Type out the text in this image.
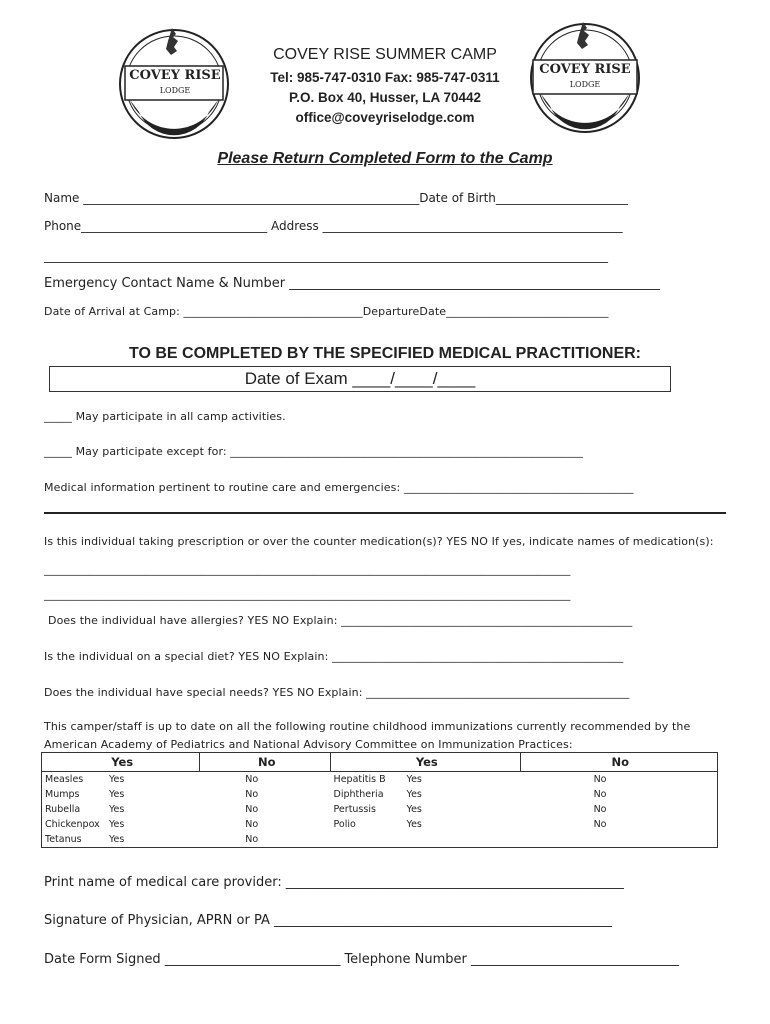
COVEY RISE
LODGE
COVEY RISE
LODGE
COVEY RISE SUMMER CAMP
Tel: 985-747-0310 Fax: 985-747-0311
P.O. Box 40, Husser, LA 70442
office@coveyriselodge.com
Please Return Completed Form to the Camp
Name ________________________________________________________Date of Birth______________________
Phone_______________________________ Address __________________________________________________
______________________________________________________________________________________________
Emergency Contact Name & Number _________________________________________________________
Date of Arrival at Camp: ________________________________DepartureDate_____________________________
TO BE COMPLETED BY THE SPECIFIED MEDICAL PRACTITIONER:
Date of Exam ____/____/____
_____ May participate in all camp activities.
_____ May participate except for: _______________________________________________________________
Medical information pertinent to routine care and emergencies: _________________________________________
Is this individual taking prescription or over the counter medication(s)? YES NO If yes, indicate names of medication(s):
______________________________________________________________________________________________
______________________________________________________________________________________________
Does the individual have allergies? YES NO Explain: ____________________________________________________
Is the individual on a special diet? YES NO Explain: ____________________________________________________
Does the individual have special needs? YES NO Explain: _______________________________________________
This camper/staff is up to date on all the following routine childhood immunizations currently recommended by the
American Academy of Pediatrics and National Advisory Committee on Immunization Practices:
Yes	No	Yes	No
Measles Yes	No	Hepatitis B Yes	No
Mumps Yes	No	Diphtheria Yes	No
Rubella Yes	No	Pertussis Yes	No
Chickenpox Yes	No	Polio Yes	No
Tetanus Yes	No		
Print name of medical care provider: ____________________________________________________
Signature of Physician, APRN or PA ____________________________________________________
Date Form Signed ___________________________ Telephone Number ________________________________
